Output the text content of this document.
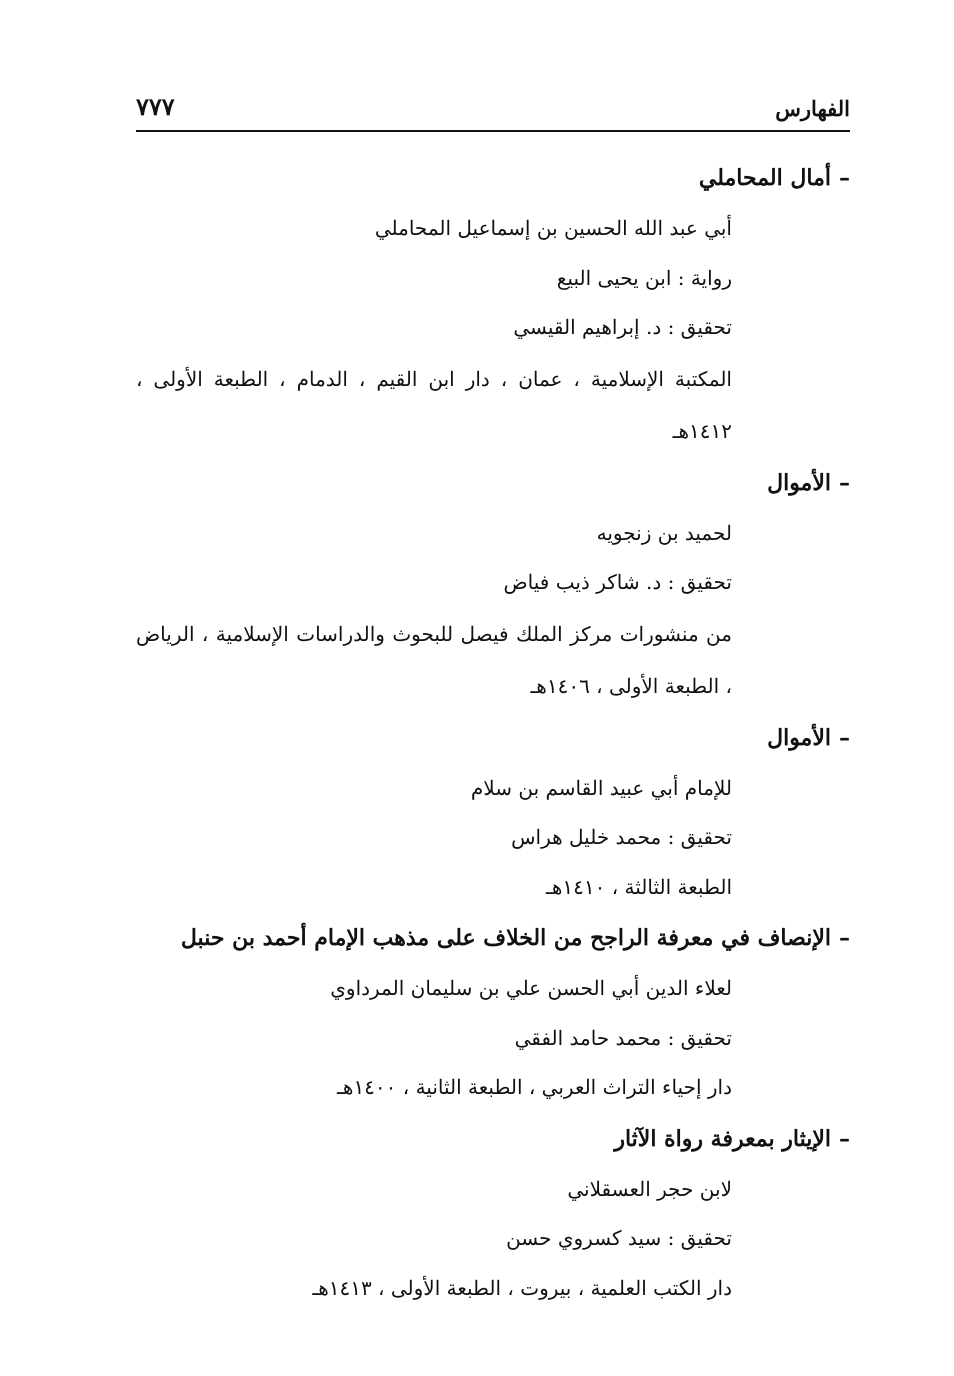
الفهارس
٧٧٧
–أمال المحاملي
أبي عبد الله الحسين بن إسماعيل المحاملي
رواية : ابن يحيى البيع
تحقيق : د. إبراهيم القيسي
المكتبة الإسلامية ، عمان ، دار ابن القيم ، الدمام ، الطبعة الأولى ، ١٤١٢هـ
–الأموال
لحميد بن زنجويه
تحقيق : د. شاكر ذيب فياض
من منشورات مركز الملك فيصل للبحوث والدراسات الإسلامية ، الرياض ، الطبعة الأولى ، ١٤٠٦هـ
–الأموال
للإمام أبي عبيد القاسم بن سلام
تحقيق : محمد خليل هراس
الطبعة الثالثة ، ١٤١٠هـ
–الإنصاف في معرفة الراجح من الخلاف على مذهب الإمام أحمد بن حنبل
لعلاء الدين أبي الحسن علي بن سليمان المرداوي
تحقيق : محمد حامد الفقي
دار إحياء التراث العربي ، الطبعة الثانية ، ١٤٠٠هـ
–الإيثار بمعرفة رواة الآثار
لابن حجر العسقلاني
تحقيق : سيد كسروي حسن
دار الكتب العلمية ، بيروت ، الطبعة الأولى ، ١٤١٣هـ
